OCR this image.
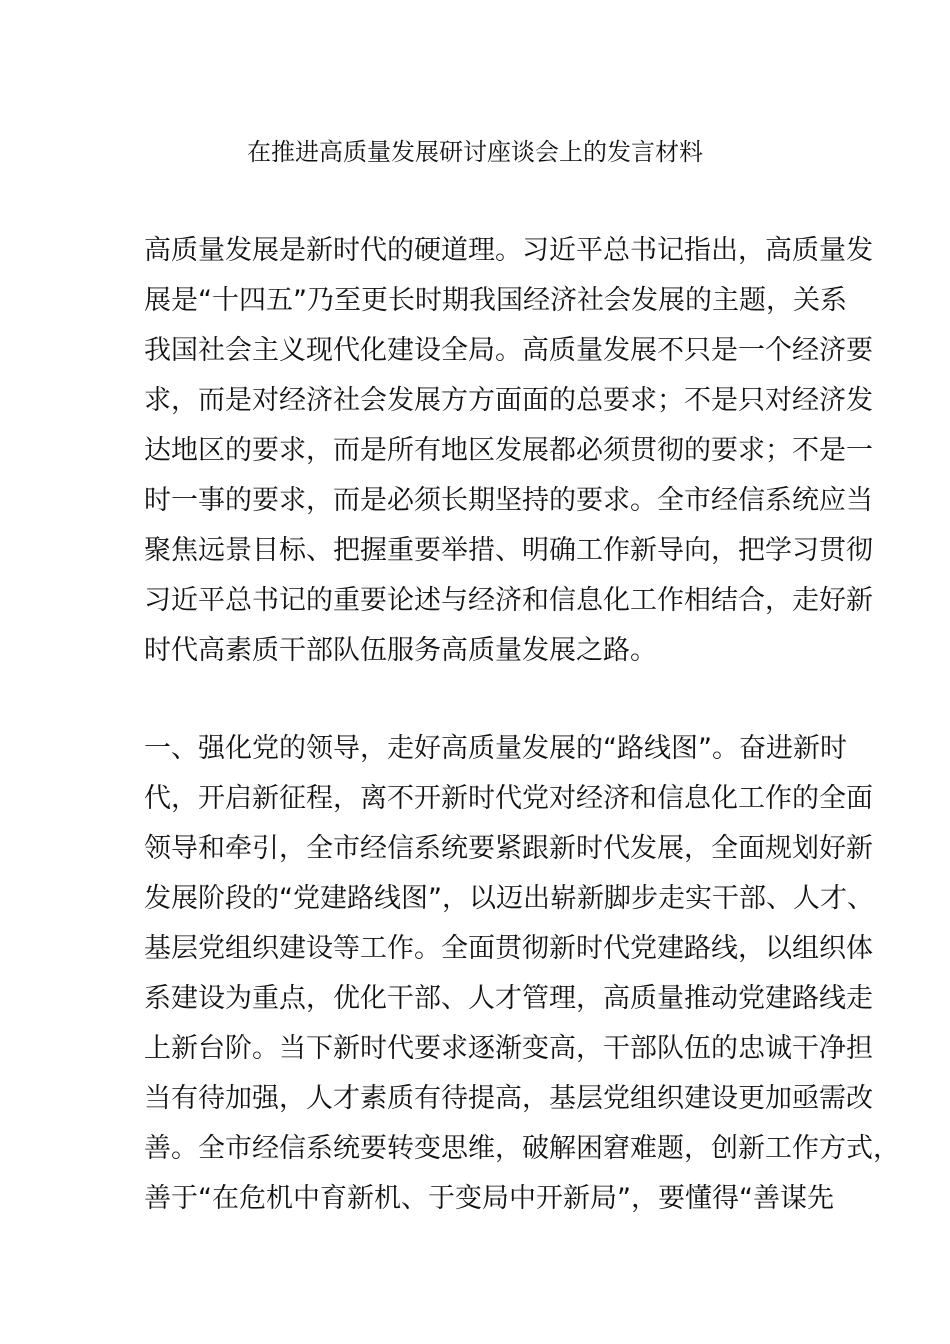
在推进高质量发展研讨座谈会上的发言材料
高质量发展是新时代的硬道理。习近平总书记指出，高质量发
展是“十四五”乃至更长时期我国经济社会发展的主题，关系
我国社会主义现代化建设全局。高质量发展不只是一个经济要
求，而是对经济社会发展方方面面的总要求；不是只对经济发
达地区的要求，而是所有地区发展都必须贯彻的要求；不是一
时一事的要求，而是必须长期坚持的要求。全市经信系统应当
聚焦远景目标、把握重要举措、明确工作新导向，把学习贯彻
习近平总书记的重要论述与经济和信息化工作相结合，走好新
时代高素质干部队伍服务高质量发展之路。
一、强化党的领导，走好高质量发展的“路线图”。奋进新时
代，开启新征程，离不开新时代党对经济和信息化工作的全面
领导和牵引，全市经信系统要紧跟新时代发展，全面规划好新
发展阶段的“党建路线图”，以迈出崭新脚步走实干部、人才、
基层党组织建设等工作。全面贯彻新时代党建路线，以组织体
系建设为重点，优化干部、人才管理，高质量推动党建路线走
上新台阶。当下新时代要求逐渐变高，干部队伍的忠诚干净担
当有待加强，人才素质有待提高，基层党组织建设更加亟需改
善。全市经信系统要转变思维，破解困窘难题，创新工作方式，
善于“在危机中育新机、于变局中开新局”，要懂得“善谋先
